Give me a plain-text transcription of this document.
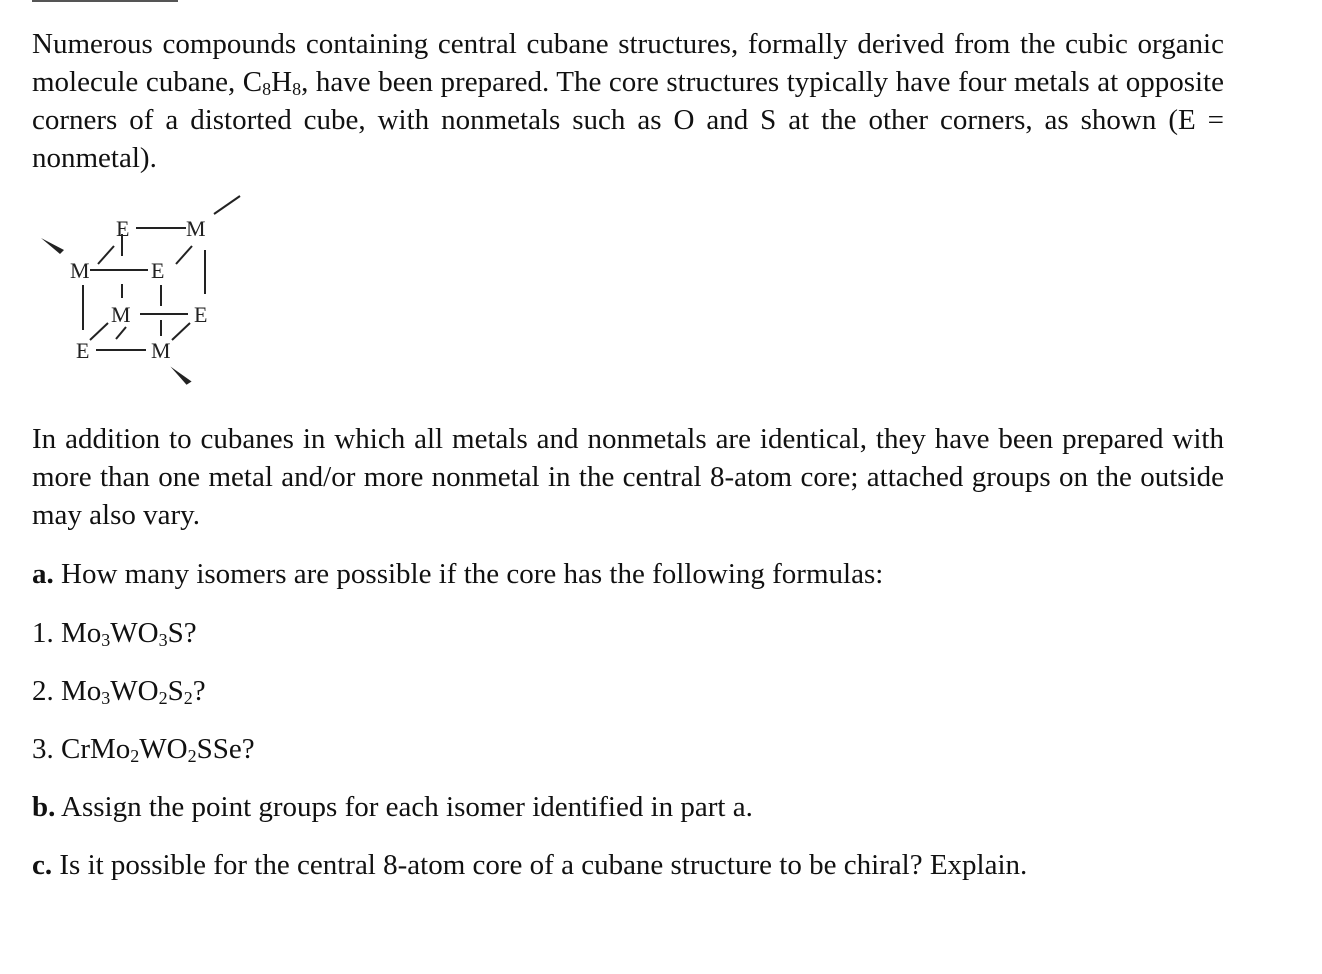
Numerous compounds containing central cubane structures, formally derived from the cubic organic molecule cubane, $C_8H_8$, have been prepared. The core structures typically have four metals at opposite corners of a distorted cube, with nonmetals such as O and S at the other corners, as shown (E = nonmetal).

E	M
M	E
M	E
E	M

In addition to cubanes in which all metals and nonmetals are identical, they have been prepared with more than one metal and/or more nonmetal in the central 8-atom core; attached groups on the outside may also vary.

a. How many isomers are possible if the core has the following formulas:

1. $Mo_3WO_3S$?

2. $Mo_3WO_2S_2$?

3. $CrMo_2WO_2SSe$?

b. Assign the point groups for each isomer identified in part a.

c. Is it possible for the central 8-atom core of a cubane structure to be chiral? Explain.
